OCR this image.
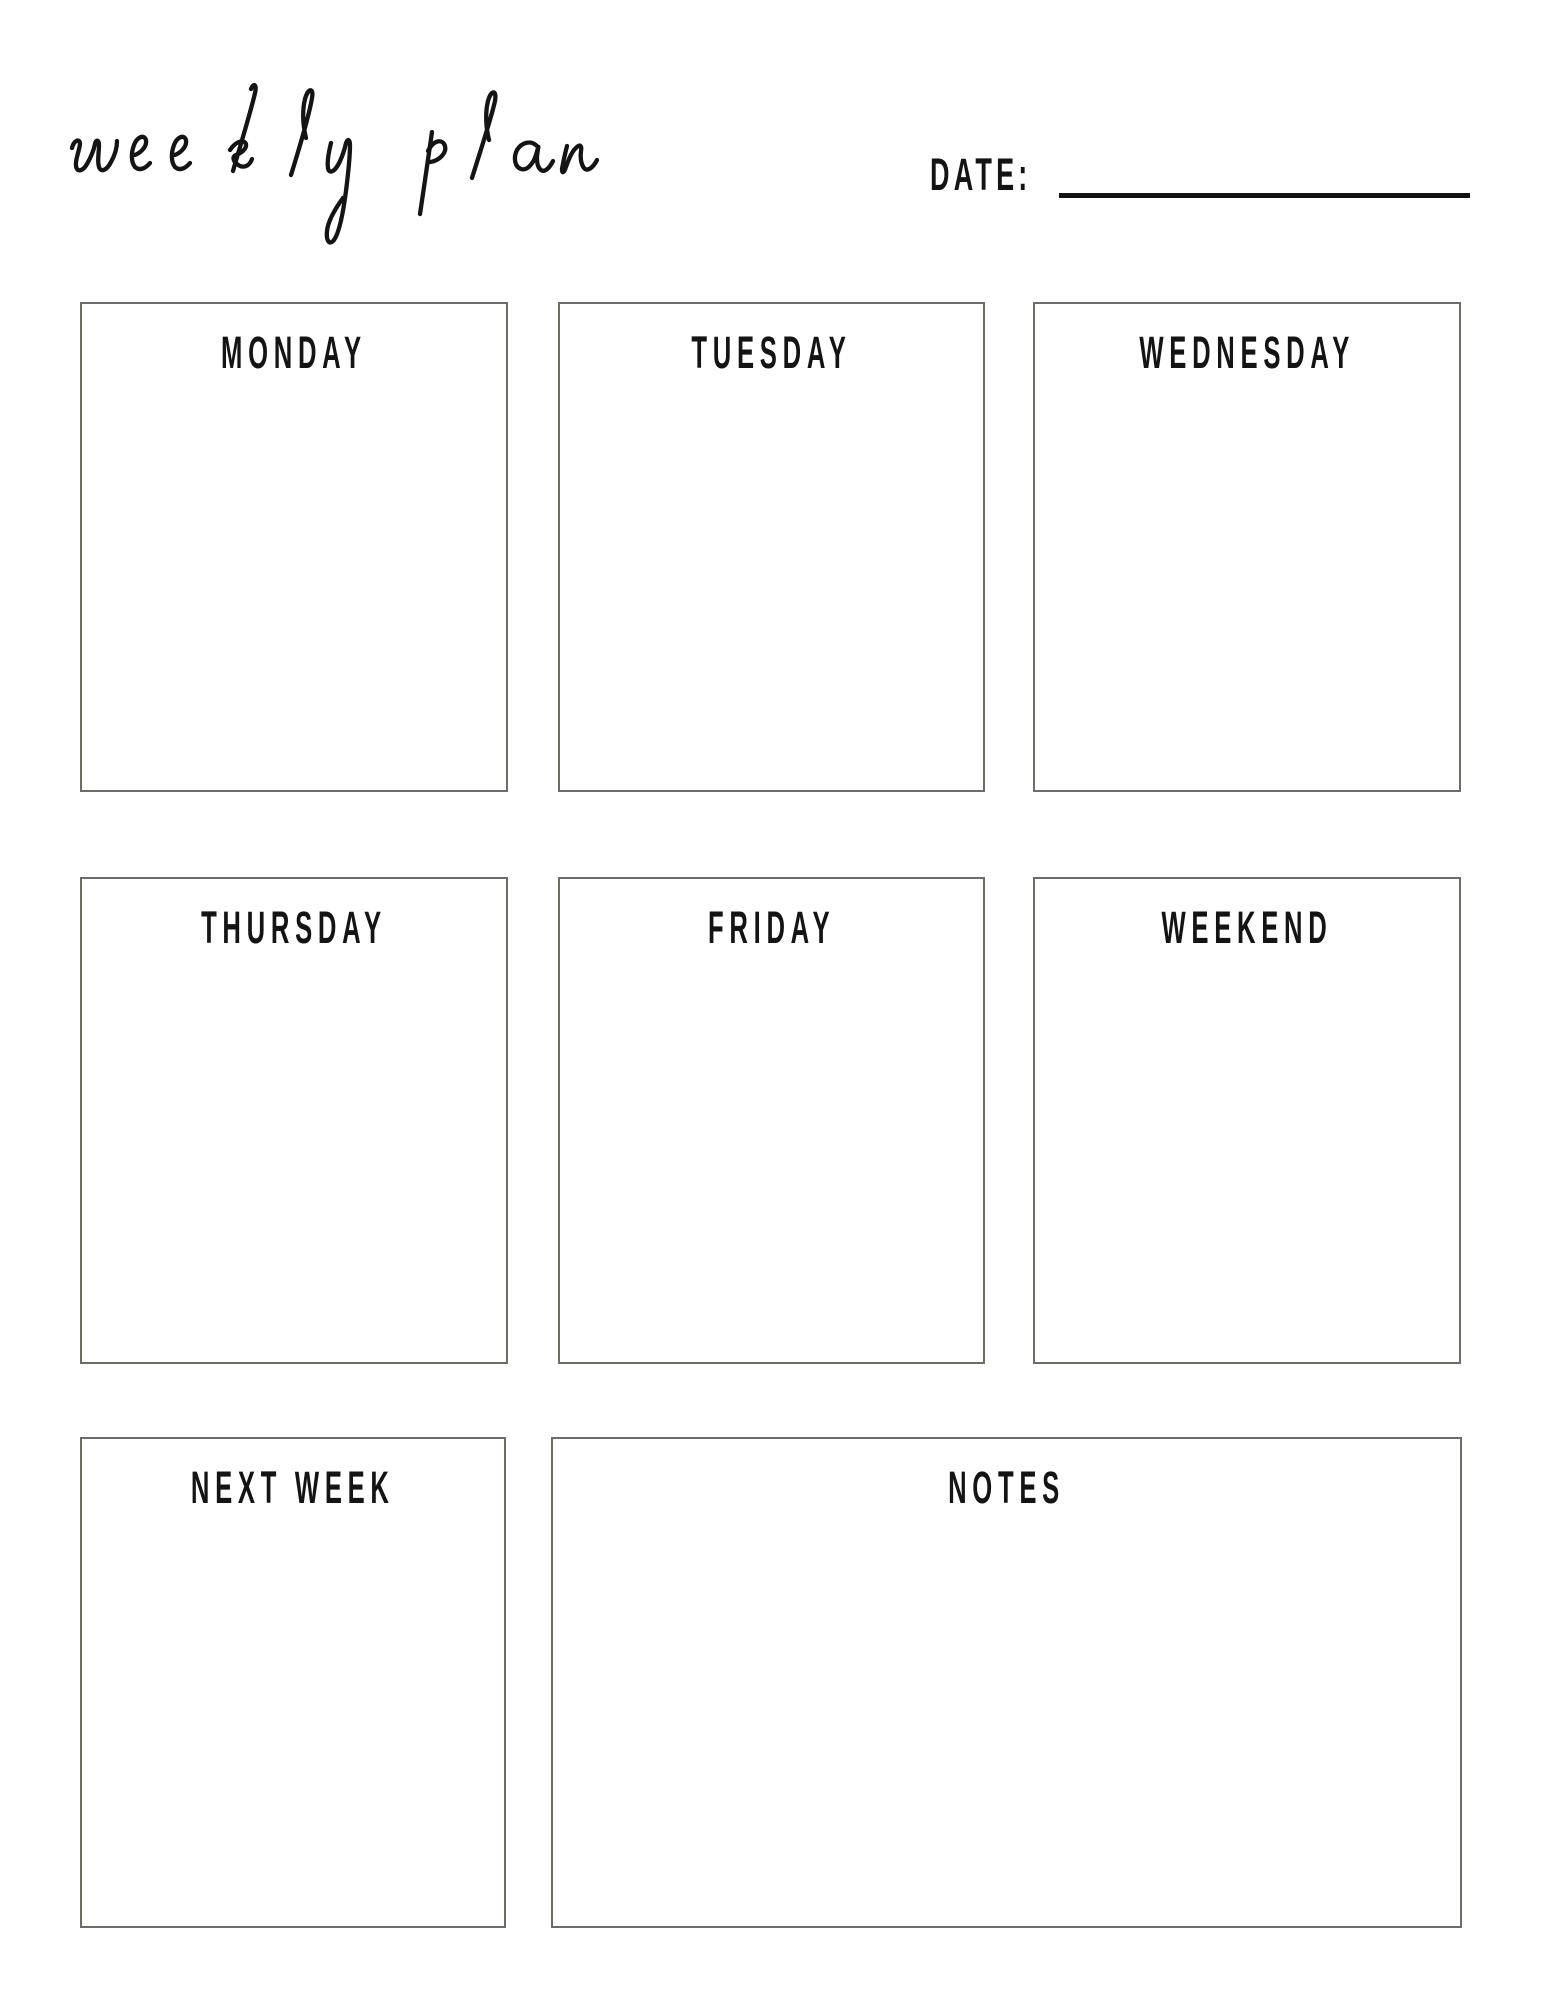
DATE:
MONDAY	TUESDAY	WEDNESDAY
THURSDAY	FRIDAY	WEEKEND
NEXT WEEK	NOTES
